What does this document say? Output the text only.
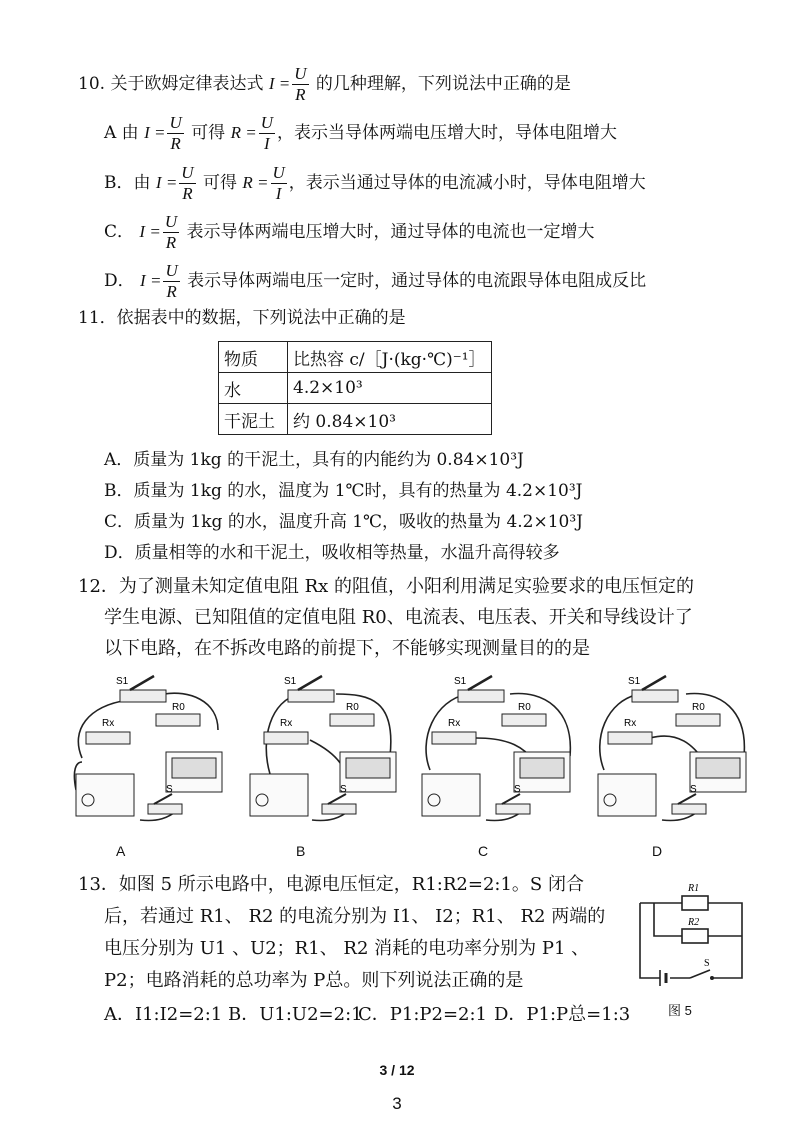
10. 关于欧姆定律表达式 $I = \frac{U}{R}$ 的几种理解，下列说法中正确的是
A 由 $I = \frac{U}{R}$ 可得 $R = \frac{U}{I}$ ，表示当导体两端电压增大时，导体电阻增大
B．由 $I = \frac{U}{R}$ 可得 $R = \frac{U}{I}$ ，表示当通过导体的电流减小时，导体电阻增大
C． $I = \frac{U}{R}$ 表示导体两端电压增大时，通过导体的电流也一定增大
D． $I = \frac{U}{R}$ 表示导体两端电压一定时，通过导体的电流跟导体电阻成反比
11．依据表中的数据，下列说法中正确的是
物质	比热容 c/［J·(kg·℃)⁻¹］
水	4.2×10³
干泥土	约 0.84×10³
A．质量为 1kg 的干泥土，具有的内能约为 0.84×10³J
B．质量为 1kg 的水，温度为 1℃时，具有的热量为 4.2×10³J
C．质量为 1kg 的水，温度升高 1℃，吸收的热量为 4.2×10³J
D．质量相等的水和干泥土，吸收相等热量，水温升高得较多
12．为了测量未知定值电阻 Rx 的阻值，小阳利用满足实验要求的电压恒定的
学生电源、已知阻值的定值电阻 R0、电流表、电压表、开关和导线设计了
以下电路，在不拆改电路的前提下，不能够实现测量目的的是
S1
R0
Rx
S
S1
R0
Rx
S
S1
R0
Rx
S
S1
R0
Rx
S
A	B	C	D
13．如图 5 所示电路中，电源电压恒定，R1:R2=2:1。S 闭合
后，若通过 R1、 R2 的电流分别为 I1、 I2；R1、 R2 两端的
电压分别为 U1 、U2；R1、 R2 消耗的电功率分别为 P1 、
P2；电路消耗的总功率为 P总。则下列说法正确的是
A．I1:I2=2:1 B．U1:U2=2:1
C．P1:P2=2:1 D．P1:P总=1:3
R1
R2
S
图 5
3 / 12
3
